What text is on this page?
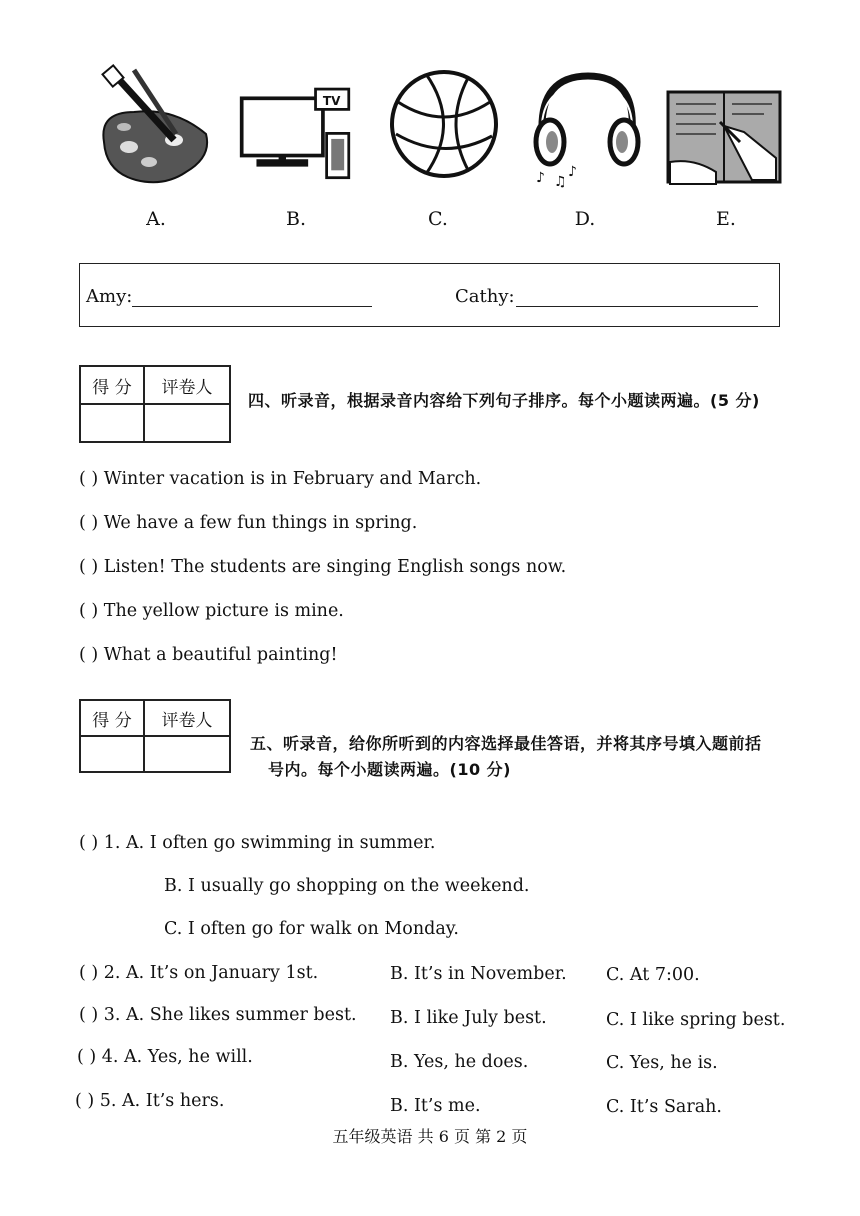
TV
♪ ♫
♪
A.	B.	C.	D.	E.
Amy:	Cathy:
得 分	评卷人

四、听录音，根据录音内容给下列句子排序。每个小题读两遍。(5 分)
( ) Winter vacation is in February and March.
( ) We have a few fun things in spring.
( ) Listen! The students are singing English songs now.
( ) The yellow picture is mine.
( ) What a beautiful painting!
得 分	评卷人

五、听录音，给你所听到的内容选择最佳答语，并将其序号填入题前括
号内。每个小题读两遍。(10 分)
( ) 1. A. I often go swimming in summer.
B. I usually go shopping on the weekend.
C. I often go for walk on Monday.
( ) 2. A. It’s on January 1st.	B. It’s in November. C. At 7:00.
( ) 3. A. She likes summer best. B. I like July best.	C. I like spring best.
( ) 4. A. Yes, he will.	B. Yes, he does.	C. Yes, he is.
( ) 5. A. It’s hers.	B. It’s me.	C. It’s Sarah.
五年级英语 共 6 页 第 2 页
